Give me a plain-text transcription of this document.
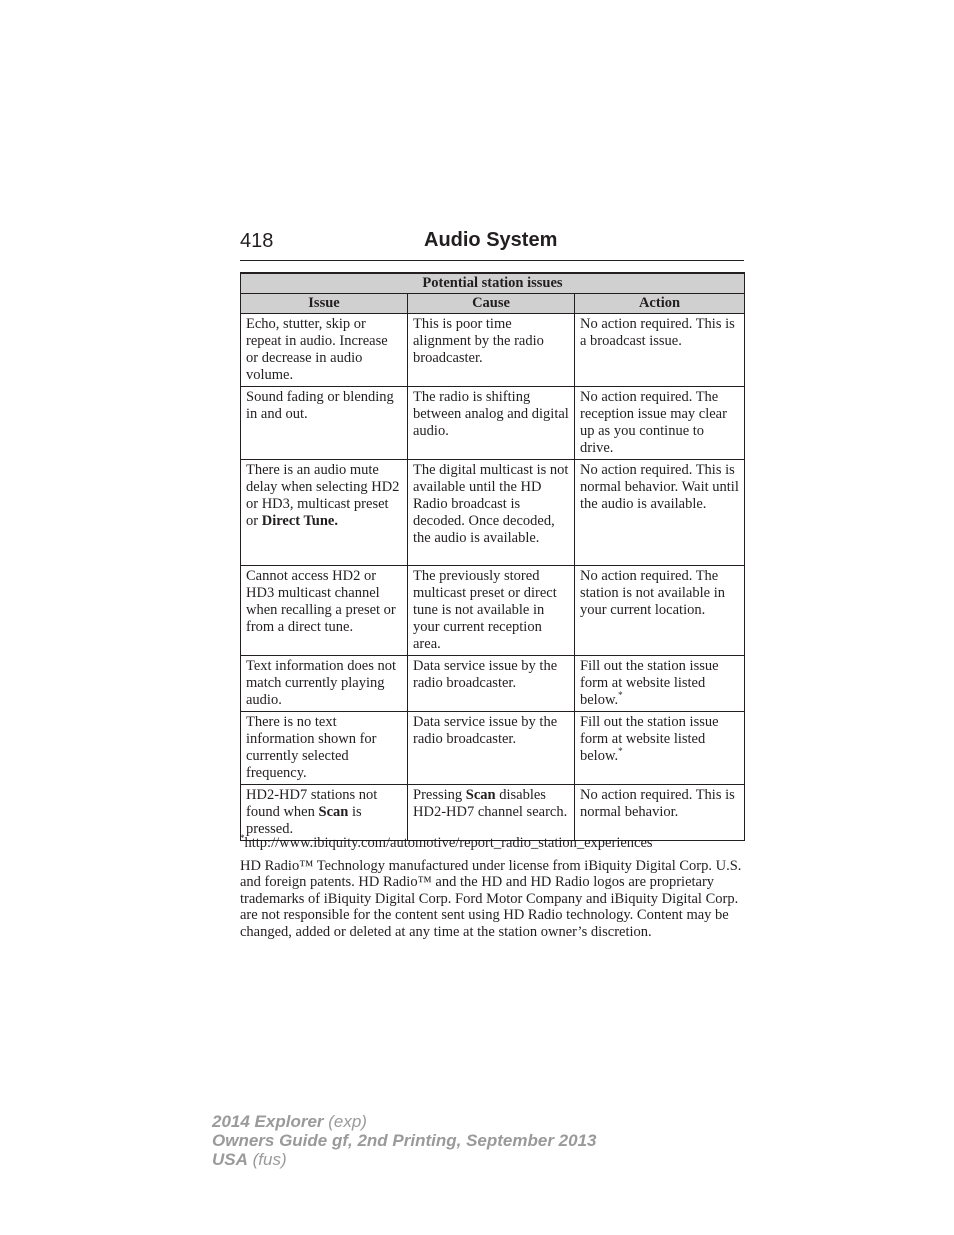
418	Audio System
Potential station issues		
Issue	Cause	Action
Echo, stutter, skip or repeat in audio. Increase or decrease in audio volume.	This is poor time alignment by the radio broadcaster.	No action required. This is a broadcast issue.
Sound fading or blending in and out.	The radio is shifting between analog and digital audio.	No action required. The reception issue may clear up as you continue to drive.
There is an audio mute delay when selecting HD2 or HD3, multicast preset or Direct Tune.	The digital multicast is not available until the HD Radio broadcast is decoded. Once decoded, the audio is available.	No action required. This is normal behavior. Wait until the audio is available.
Cannot access HD2 or HD3 multicast channel when recalling a preset or from a direct tune.	The previously stored multicast preset or direct tune is not available in your current reception area.	No action required. The station is not available in your current location.
Text information does not match currently playing audio.	Data service issue by the radio broadcaster.	Fill out the station issue form at website listed below.*
There is no text information shown for currently selected frequency.	Data service issue by the radio broadcaster.	Fill out the station issue form at website listed below.*
HD2-HD7 stations not found when Scan is pressed.	Pressing Scan disables HD2-HD7 channel search.	No action required. This is normal behavior.
*http://www.ibiquity.com/automotive/report_radio_station_experiences
HD Radio™ Technology manufactured under license from iBiquity Digital Corp. U.S. and foreign patents. HD Radio™ and the HD and HD Radio logos are proprietary trademarks of iBiquity Digital Corp. Ford Motor Company and iBiquity Digital Corp. are not responsible for the content sent using HD Radio technology. Content may be changed, added or deleted at any time at the station owner’s discretion.
2014 Explorer (exp)
Owners Guide gf, 2nd Printing, September 2013
USA (fus)
